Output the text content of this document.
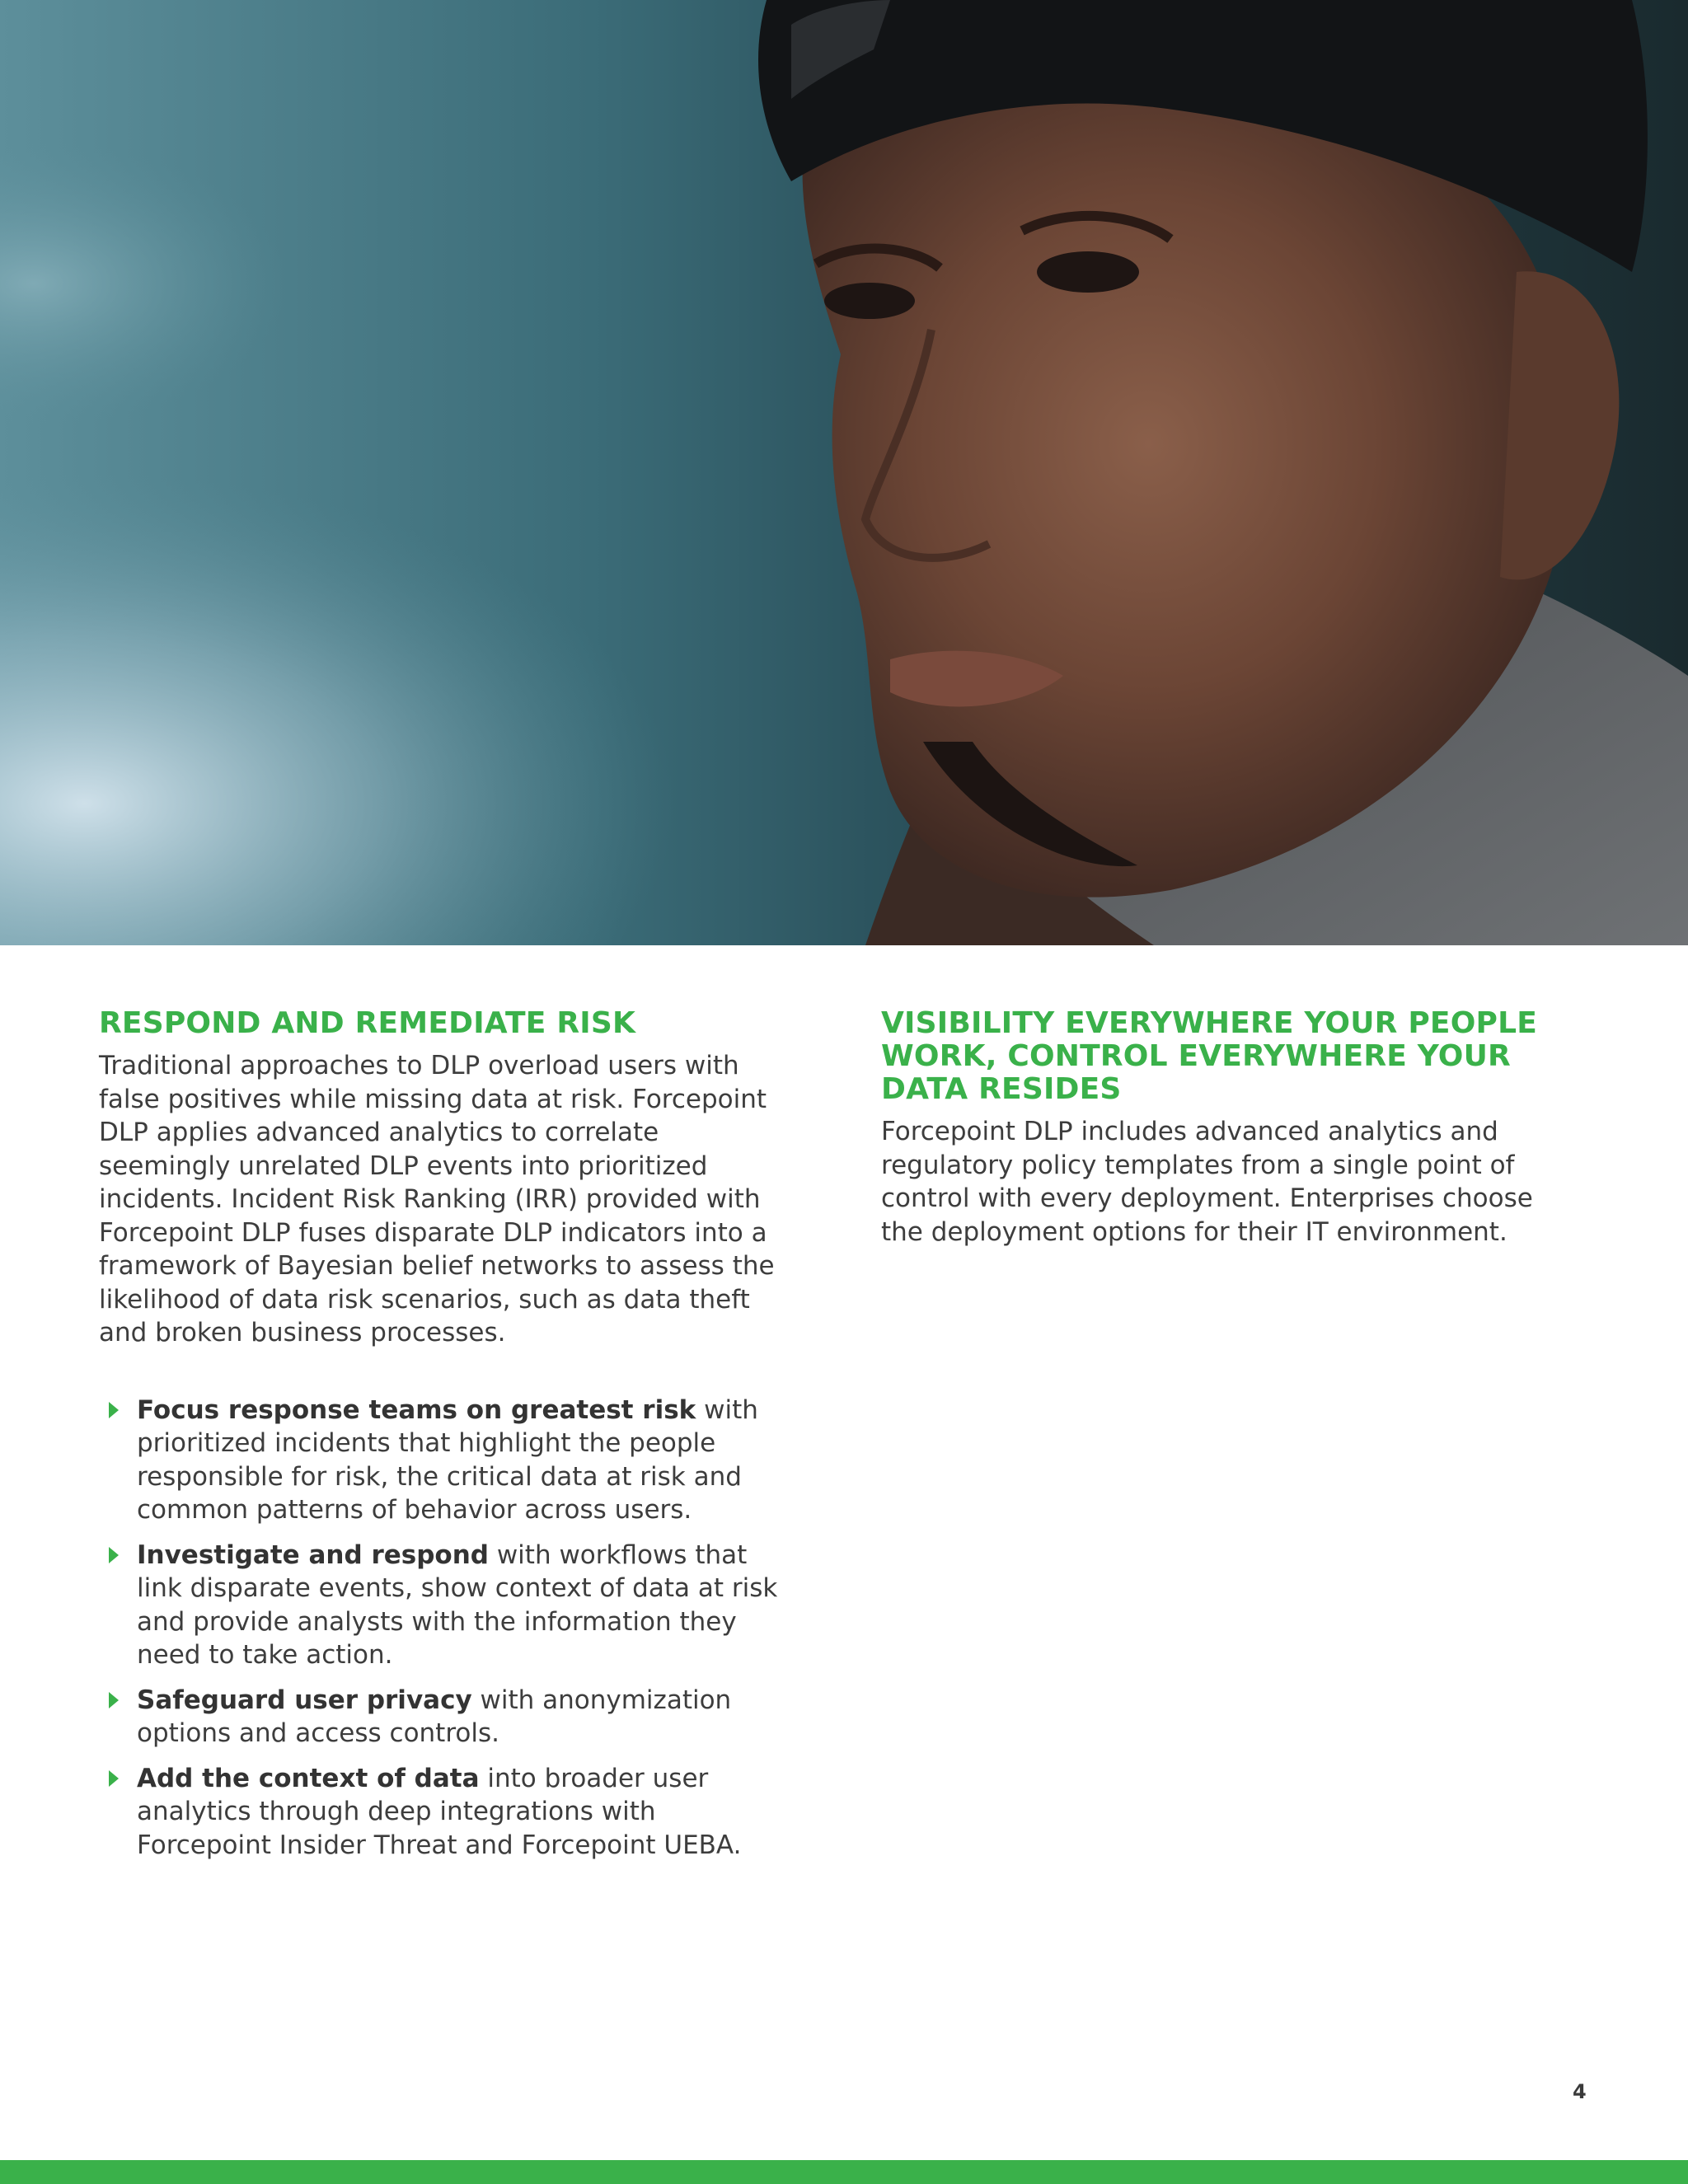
RESPOND AND REMEDIATE RISK

Traditional approaches to DLP overload users with false positives while missing data at risk. Forcepoint DLP applies advanced analytics to correlate seemingly unrelated DLP events into prioritized incidents. Incident Risk Ranking (IRR) provided with Forcepoint DLP fuses disparate DLP indicators into a framework of Bayesian belief networks to assess the likelihood of data risk scenarios, such as data theft and broken business processes.

Focus response teams on greatest risk with prioritized incidents that highlight the people responsible for risk, the critical data at risk and common patterns of behavior across users.
Investigate and respond with workflows that link disparate events, show context of data at risk and provide analysts with the information they need to take action.
Safeguard user privacy with anonymization options and access controls.
Add the context of data into broader user analytics through deep integrations with Forcepoint Insider Threat and Forcepoint UEBA.
VISIBILITY EVERYWHERE YOUR PEOPLE
WORK, CONTROL EVERYWHERE YOUR
DATA RESIDES

Forcepoint DLP includes advanced analytics and regulatory policy templates from a single point of control with every deployment. Enterprises choose the deployment options for their IT environment.

4
